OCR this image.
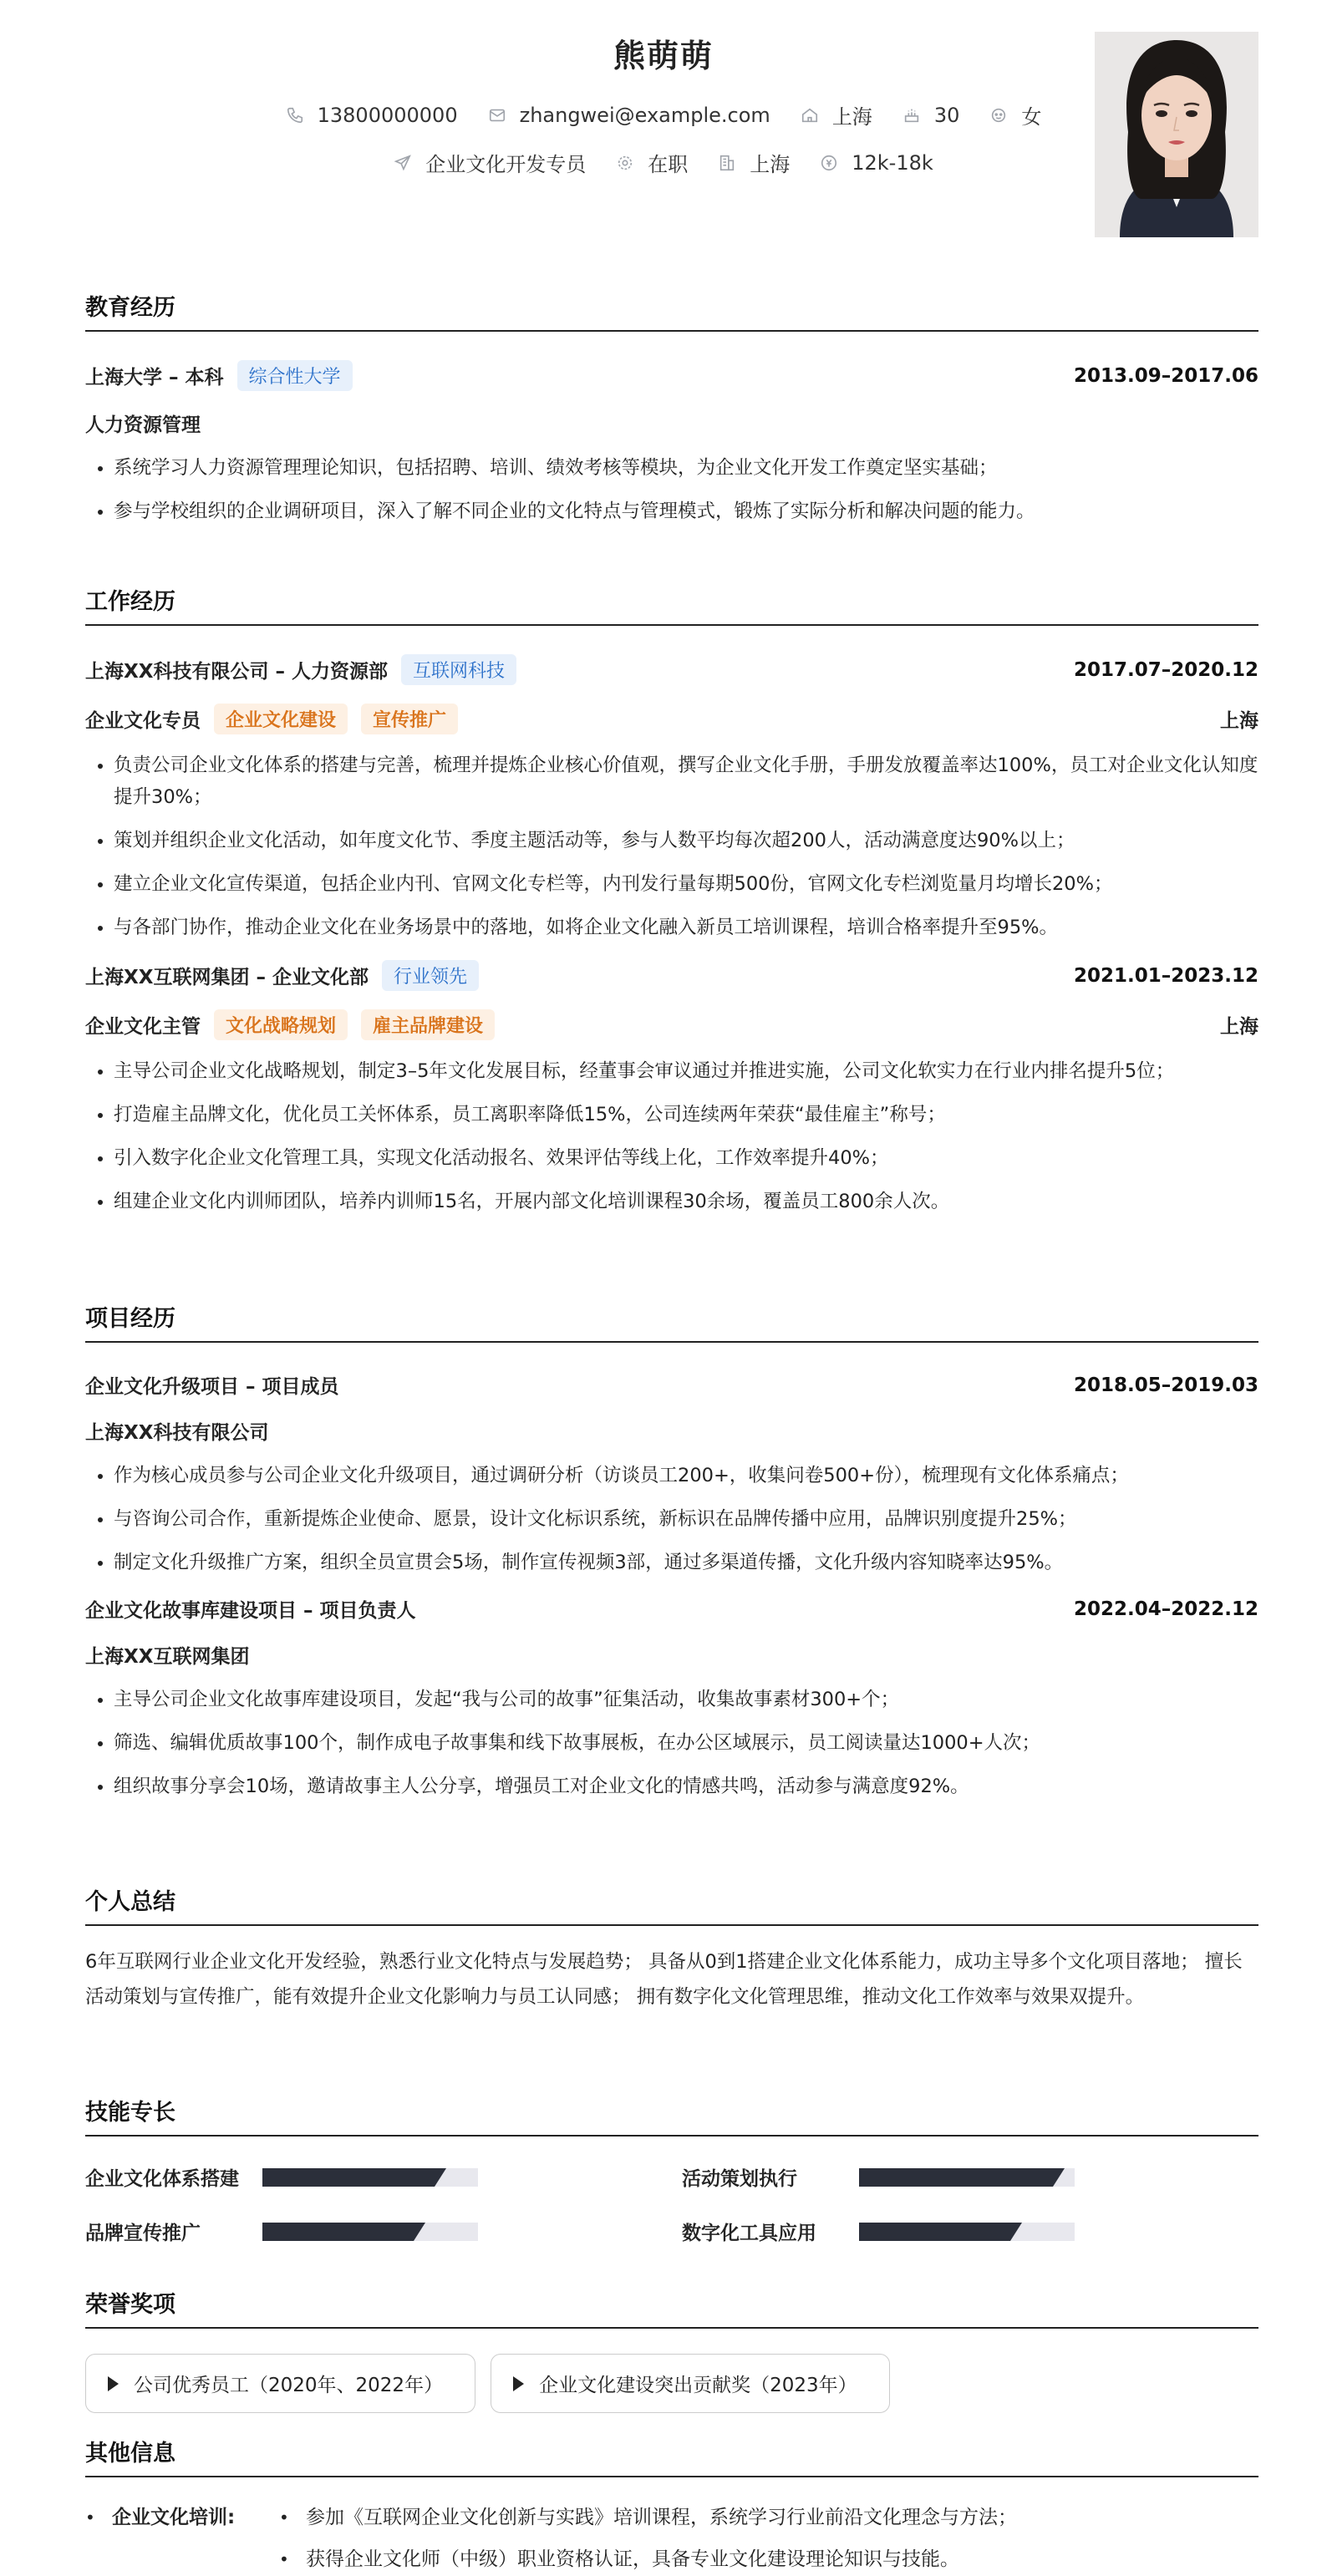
熊萌萌
13800000000	zhangwei@example.com	上海	30	女
企业文化开发专员	在职	上海	12k-18k
教育经历
上海大学 – 本科	综合性大学	2013.09–2017.06
人力资源管理
• 系统学习人力资源管理理论知识，包括招聘、培训、绩效考核等模块，为企业文化开发工作奠定坚实基础；
• 参与学校组织的企业调研项目，深入了解不同企业的文化特点与管理模式，锻炼了实际分析和解决问题的能力。
工作经历
上海XX科技有限公司 – 人力资源部	互联网科技	2017.07–2020.12
企业文化专员	企业文化建设	宣传推广	上海
• 负责公司企业文化体系的搭建与完善，梳理并提炼企业核心价值观，撰写企业文化手册，手册发放覆盖率达100%，员工对企业文化认知度提升30%；
• 策划并组织企业文化活动，如年度文化节、季度主题活动等，参与人数平均每次超200人，活动满意度达90%以上；
• 建立企业文化宣传渠道，包括企业内刊、官网文化专栏等，内刊发行量每期500份，官网文化专栏浏览量月均增长20%；
• 与各部门协作，推动企业文化在业务场景中的落地，如将企业文化融入新员工培训课程，培训合格率提升至95%。
上海XX互联网集团 – 企业文化部	行业领先	2021.01–2023.12
企业文化主管	文化战略规划	雇主品牌建设	上海
• 主导公司企业文化战略规划，制定3–5年文化发展目标，经董事会审议通过并推进实施，公司文化软实力在行业内排名提升5位；
• 打造雇主品牌文化，优化员工关怀体系，员工离职率降低15%，公司连续两年荣获“最佳雇主”称号；
• 引入数字化企业文化管理工具，实现文化活动报名、效果评估等线上化，工作效率提升40%；
• 组建企业文化内训师团队，培养内训师15名，开展内部文化培训课程30余场，覆盖员工800余人次。
项目经历
企业文化升级项目 – 项目成员	2018.05–2019.03
上海XX科技有限公司
• 作为核心成员参与公司企业文化升级项目，通过调研分析（访谈员工200+，收集问卷500+份），梳理现有文化体系痛点；
• 与咨询公司合作，重新提炼企业使命、愿景，设计文化标识系统，新标识在品牌传播中应用，品牌识别度提升25%；
• 制定文化升级推广方案，组织全员宣贯会5场，制作宣传视频3部，通过多渠道传播，文化升级内容知晓率达95%。
企业文化故事库建设项目 – 项目负责人	2022.04–2022.12
上海XX互联网集团
• 主导公司企业文化故事库建设项目，发起“我与公司的故事”征集活动，收集故事素材300+个；
• 筛选、编辑优质故事100个，制作成电子故事集和线下故事展板，在办公区域展示，员工阅读量达1000+人次；
• 组织故事分享会10场，邀请故事主人公分享，增强员工对企业文化的情感共鸣，活动参与满意度92%。
个人总结
6年互联网行业企业文化开发经验，熟悉行业文化特点与发展趋势； 具备从0到1搭建企业文化体系能力，成功主导多个文化项目落地； 擅长活动策划与宣传推广，能有效提升企业文化影响力与员工认同感； 拥有数字化文化管理思维，推动文化工作效率与效果双提升。
技能专长
企业文化体系搭建	活动策划执行
品牌宣传推广	数字化工具应用
荣誉奖项
公司优秀员工（2020年、2022年）	企业文化建设突出贡献奖（2023年）
其他信息
• 企业文化培训:	• 参加《互联网企业文化创新与实践》培训课程，系统学习行业前沿文化理念与方法；
• 获得企业文化师（中级）职业资格认证，具备专业文化建设理论知识与技能。
